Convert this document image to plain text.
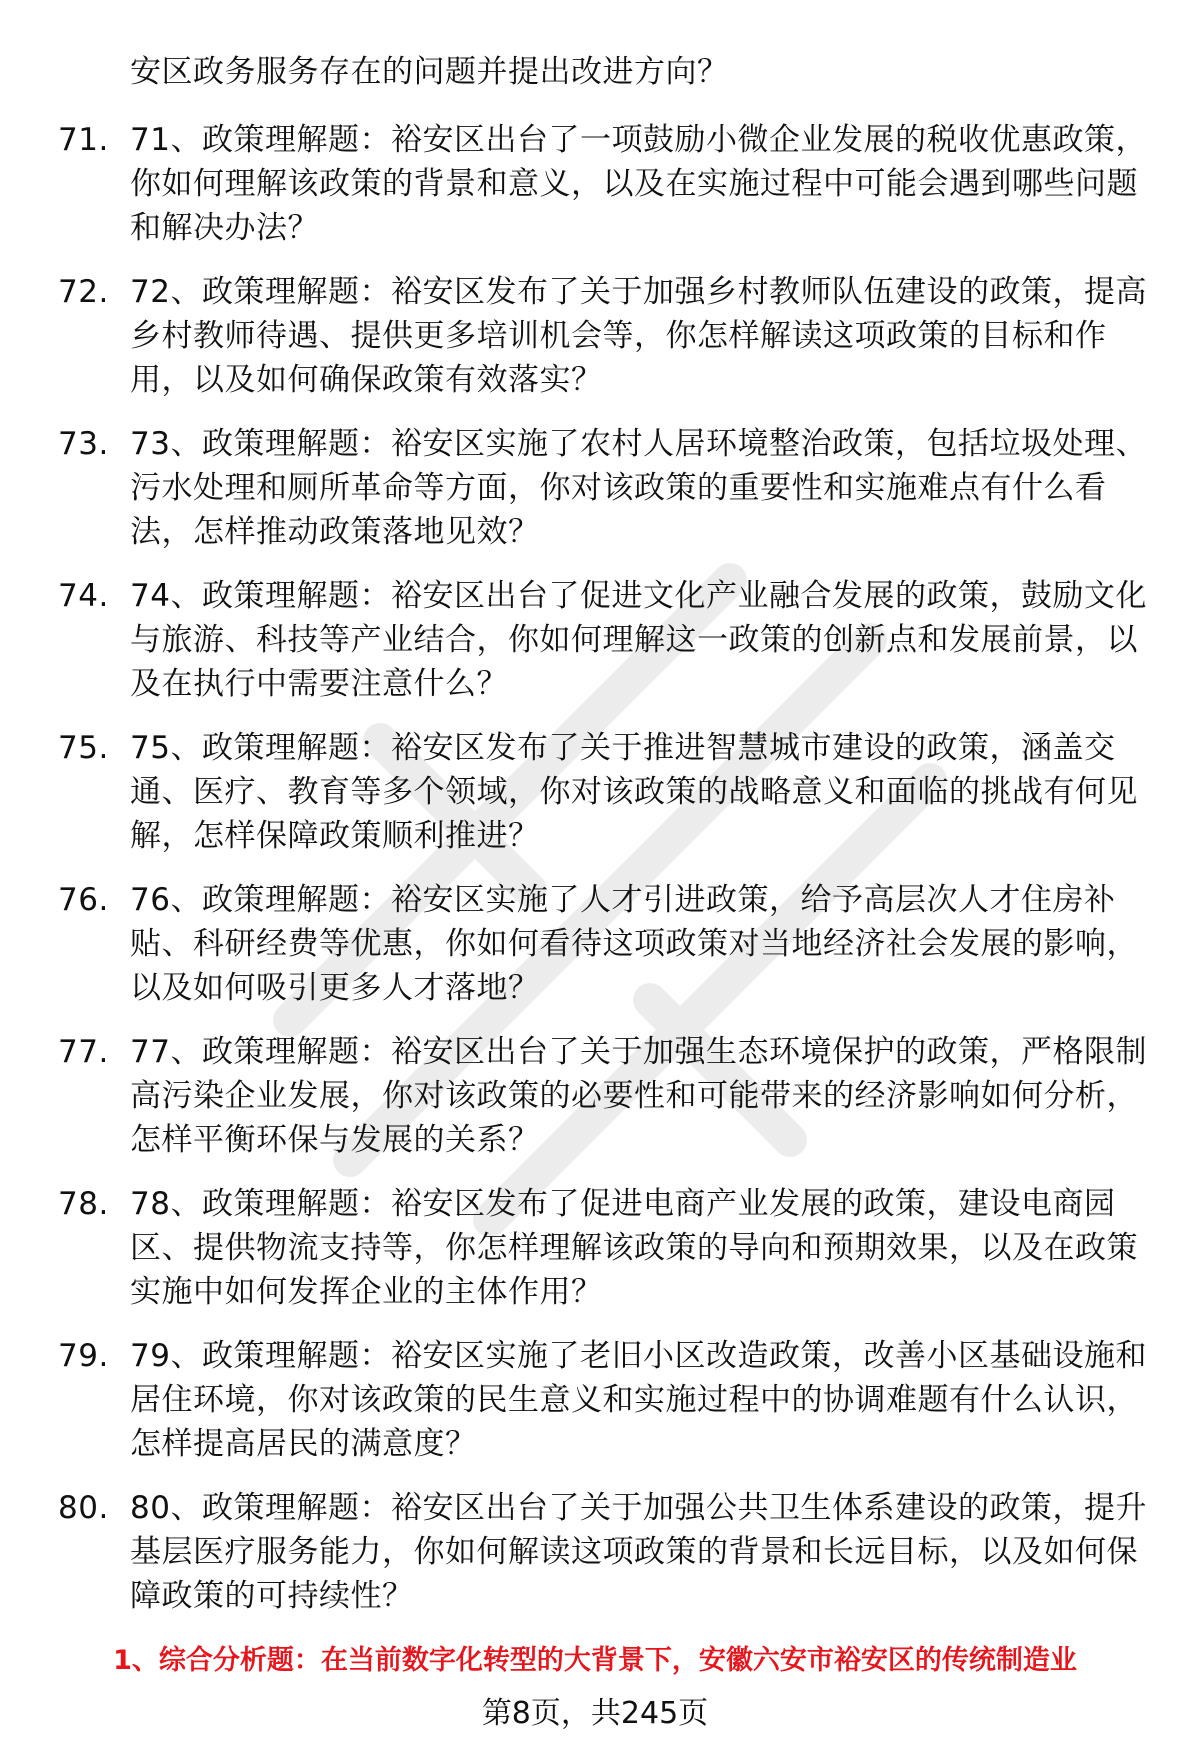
安区政务服务存在的问题并提出改进方向？
71. 71、政策理解题：裕安区出台了一项鼓励小微企业发展的税收优惠政策，你如何理解该政策的背景和意义，以及在实施过程中可能会遇到哪些问题和解决办法？
72. 72、政策理解题：裕安区发布了关于加强乡村教师队伍建设的政策，提高乡村教师待遇、提供更多培训机会等，你怎样解读这项政策的目标和作用，以及如何确保政策有效落实？
73. 73、政策理解题：裕安区实施了农村人居环境整治政策，包括垃圾处理、污水处理和厕所革命等方面，你对该政策的重要性和实施难点有什么看法，怎样推动政策落地见效？
74. 74、政策理解题：裕安区出台了促进文化产业融合发展的政策，鼓励文化与旅游、科技等产业结合，你如何理解这一政策的创新点和发展前景，以及在执行中需要注意什么？
75. 75、政策理解题：裕安区发布了关于推进智慧城市建设的政策，涵盖交通、医疗、教育等多个领域，你对该政策的战略意义和面临的挑战有何见解，怎样保障政策顺利推进？
76. 76、政策理解题：裕安区实施了人才引进政策，给予高层次人才住房补贴、科研经费等优惠，你如何看待这项政策对当地经济社会发展的影响，以及如何吸引更多人才落地？
77. 77、政策理解题：裕安区出台了关于加强生态环境保护的政策，严格限制高污染企业发展，你对该政策的必要性和可能带来的经济影响如何分析，怎样平衡环保与发展的关系？
78. 78、政策理解题：裕安区发布了促进电商产业发展的政策，建设电商园区、提供物流支持等，你怎样理解该政策的导向和预期效果，以及在政策实施中如何发挥企业的主体作用？
79. 79、政策理解题：裕安区实施了老旧小区改造政策，改善小区基础设施和居住环境，你对该政策的民生意义和实施过程中的协调难题有什么认识，怎样提高居民的满意度？
80. 80、政策理解题：裕安区出台了关于加强公共卫生体系建设的政策，提升基层医疗服务能力，你如何解读这项政策的背景和长远目标，以及如何保障政策的可持续性？
1、综合分析题：在当前数字化转型的大背景下，安徽六安市裕安区的传统制造业
第8页，共245页
